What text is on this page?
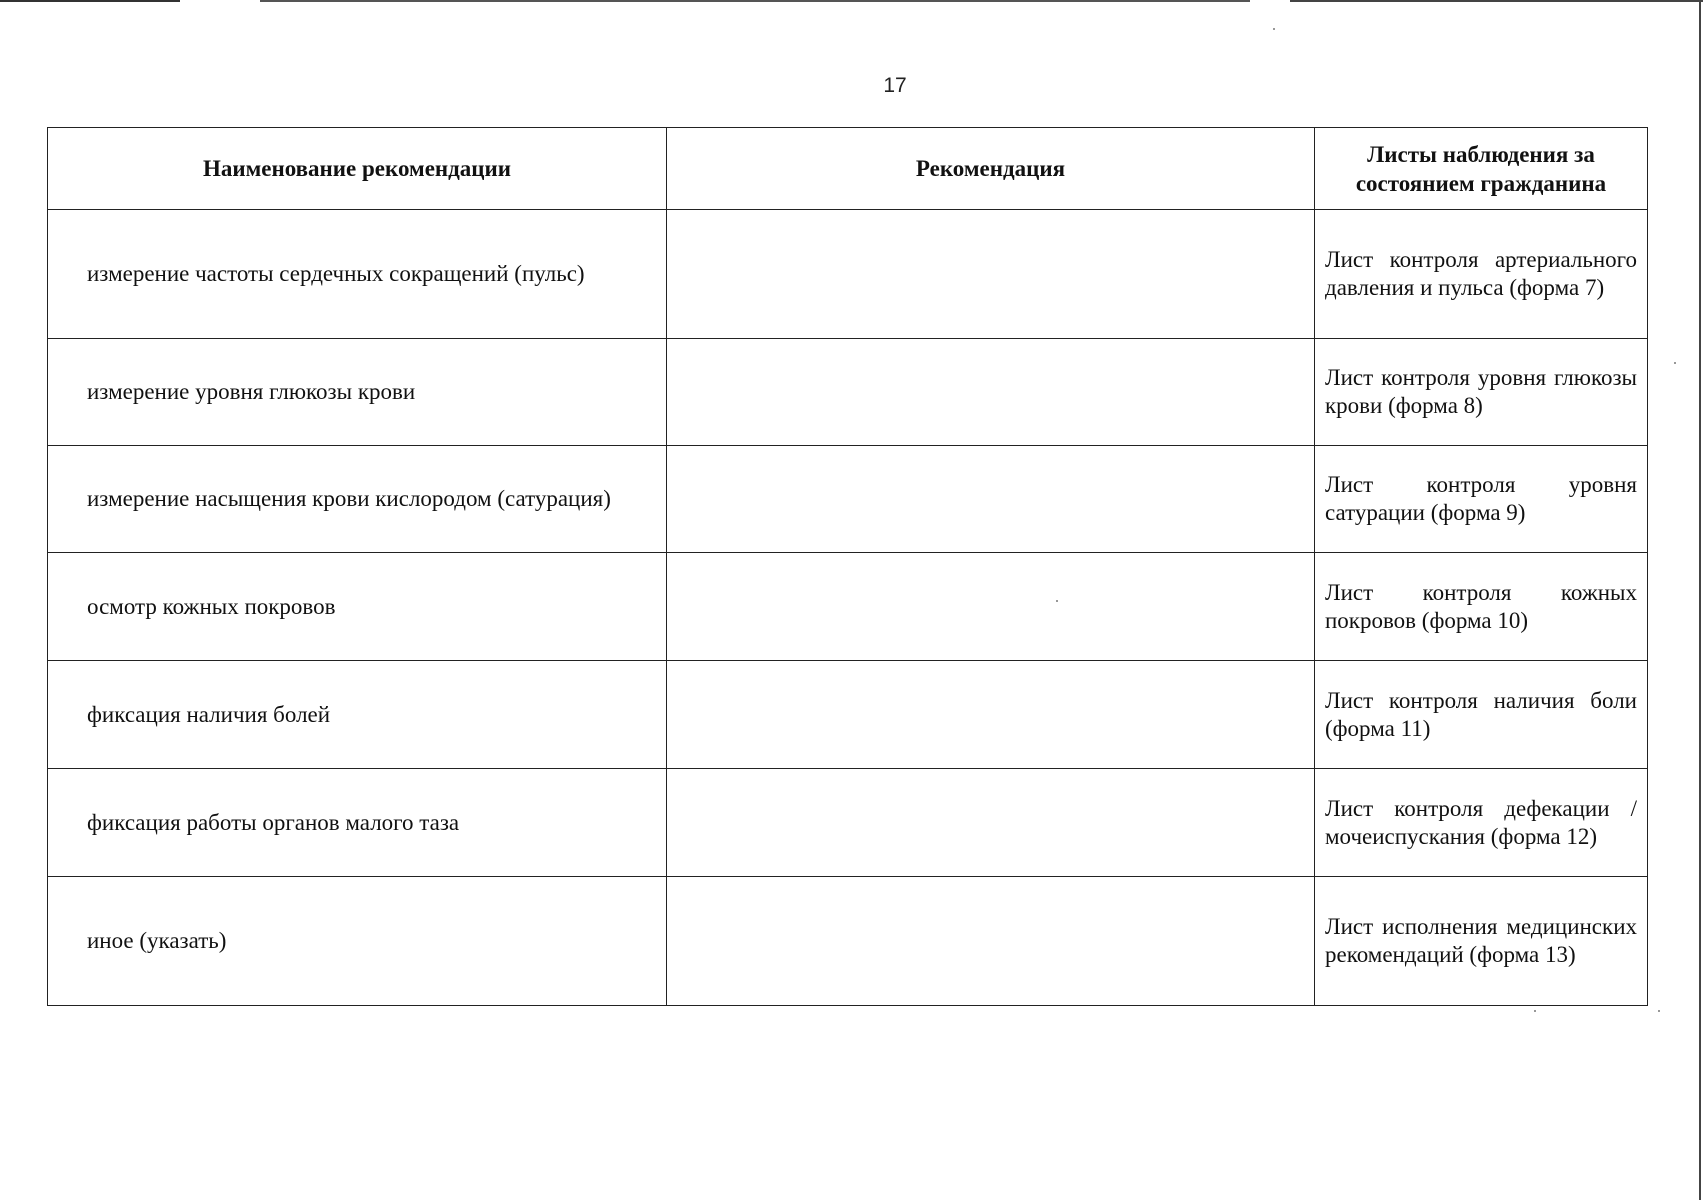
17
Наименование рекомендации	Рекомендация	Листы наблюдения за состоянием гражданина
измерение частоты сердечных сокращений (пульс)		Лист контроля артериального давления и пульса (форма 7)
измерение уровня глюкозы крови		Лист контроля уровня глюкозы крови (форма 8)
измерение насыщения крови кислородом (сатурация)		Лист контроля уровня сатурации (форма 9)
осмотр кожных покровов		Лист контроля кожных покровов (форма 10)
фиксация наличия болей		Лист контроля наличия боли (форма 11)
фиксация работы органов малого таза		Лист контроля дефекации / мочеиспускания (форма 12)
иное (указать)		Лист исполнения медицинских рекомендаций (форма 13)
